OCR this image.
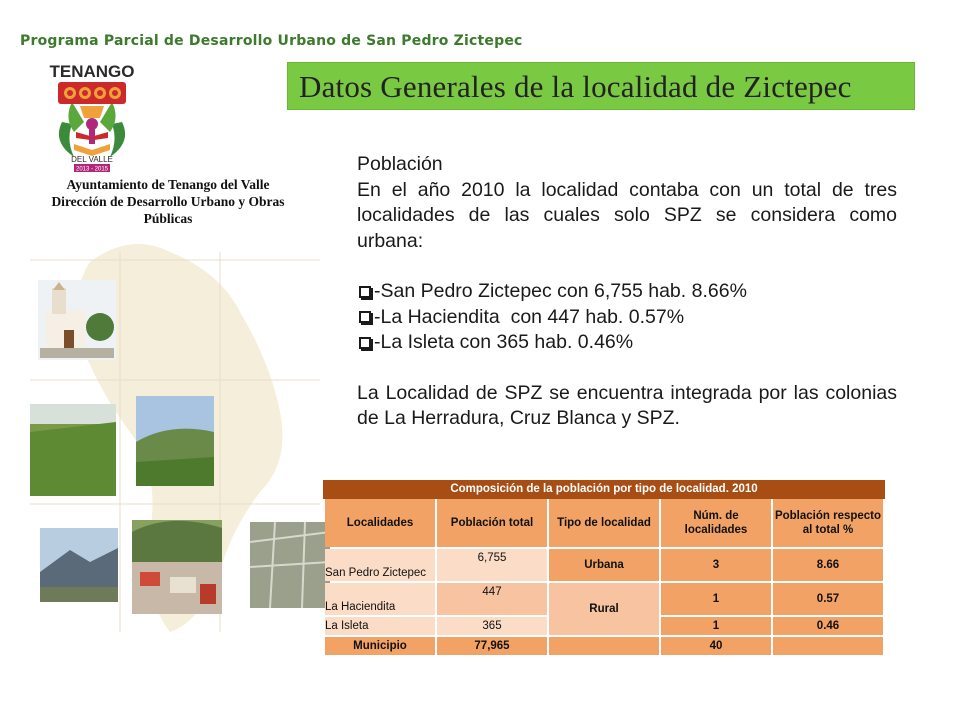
Programa Parcial de Desarrollo Urbano de San Pedro Zictepec
Datos Generales de la localidad de Zictepec
TENANGO
DEL VALLE
2013 - 2015
Ayuntamiento de Tenango del Valle
Dirección de Desarrollo Urbano y Obras
Públicas
Población
En el año 2010 la localidad contaba con un total de tres localidades de las cuales solo SPZ se considera como urbana:
-San Pedro Zictepec con 6,755 hab. 8.66%
-La Haciendita  con 447 hab. 0.57%
-La Isleta con 365 hab. 0.46%
La Localidad de SPZ se encuentra integrada por las colonias de La Herradura, Cruz Blanca y SPZ.
Composición de la población por tipo de localidad. 2010
Localidades	Población total	Tipo de localidad	Núm. de localidades	Población respecto al total %
San Pedro Zictepec	6,755	Urbana	3	8.66
La Haciendita	447	Rural	1	0.57
La Isleta	365		1	0.46
Municipio	77,965		40	
